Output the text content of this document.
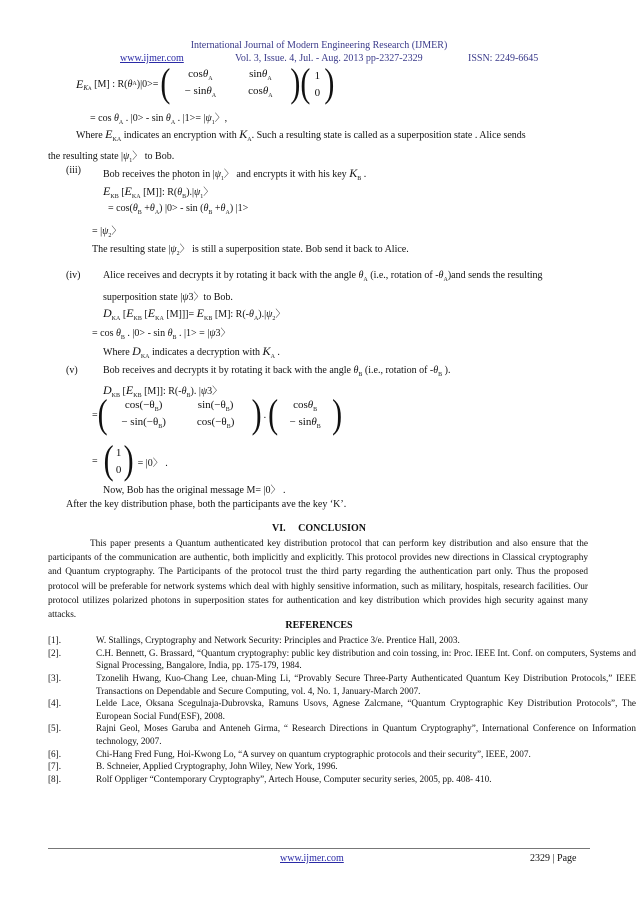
International Journal of Modern Engineering Research (IJMER)
www.ijmer.com	Vol. 3, Issue. 4, Jul. - Aug. 2013 pp-2327-2329	ISSN: 2249-6645
E KA
[M] : R( θ A )|0>= (	cosθ$_A$	sinθ$_A$
− sinθ$_A$	cosθ$_A$ ) ( 1
0 )
= $\cos \theta_A$ . $|0> - \sin \theta_A$ . $|1>= |\psi_1$〉,
Where $E_{KA}$ indicates an encryption with $K_A$. Such a resulting state is called as a superposition state . Alice sends
the resulting state $|\psi_1$〉 to Bob.
(iii) Bob receives the photon in $|\psi_1$〉 and encrypts it with his key $K_B$ .
$E_{KB}$ [$E_{KA}$ [M]]: $R(\theta_B).|\psi_1$〉
= $\cos(\theta_B +\theta_A)$ $|0> - \sin (\theta_B +\theta_A)$ |1>
= $|\psi_2$〉
The resulting state $|\psi_2$〉 is still a superposition state. Bob send it back to Alice.
(iv) Alice receives and decrypts it by rotating it back with the angle $\theta_A$ (i.e., rotation of $-\theta_A)and$ sends the resulting
superposition state |ψ3〉to Bob.
$D_{KA}$ [$E_{KB}$ [$E_{KA}$ $[M]]]= E_{KB}$ [M]: $R(-\theta_A).|\psi_2$〉
= $\cos \theta_B$ . $|0> - \sin \theta_B$ . |1> = |ψ3〉
Where $D_{KA}$ indicates a decryption with $K_A$ .
(v)	Bob receives and decrypts it by rotating it back with the angle $\theta_B$ (i.e., rotation of $-\theta_B$ ).
$D_{KB}$ [$E_{KB}$ [M]]: $R(-\theta_B)$. |ψ3〉
= (	$\cos(-\theta_B)$	$\sin(-\theta_B)$
− $\sin(-\theta_B)$	$\cos(-\theta_B)$ ) . (	cosθ$_B$
− sinθ$_B$ )
= ( 1
0 ) = |0〉 .
Now, Bob has the original message M= |0〉 .
After the key distribution phase, both the participants ave the key ‘K’.
VI. CONCLUSION
This paper presents a Quantum authenticated key distribution protocol that can perform key distribution and also ensure that the participants of the communication are authentic, both implicitly and explicitly. This protocol provides new directions in Classical cryptography and Quantum cryptography. The Participants of the protocol trust the third party regarding the authentication part only. Thus the proposed protocol will be preferable for network systems which deal with highly sensitive information, such as military, hospitals, research facilities. Our protocol utilizes polarized photons in superposition states for authentication and key distribution which provides high security against many attacks.
REFERENCES
[1].	W. Stallings, Cryptography and Network Security: Principles and Practice 3/e. Prentice Hall, 2003.
[2].	C.H. Bennett, G. Brassard, “Quantum cryptography: public key distribution and coin tossing, in: Proc. IEEE Int. Conf. on computers, Systems and Signal Processing, Bangalore, India, pp. 175-179, 1984.
[3].	Tzonelih Hwang, Kuo-Chang Lee, chuan-Ming Li, “Provably Secure Three-Party Authenticated Quantum Key Distribution Protocols,” IEEE Transactions on Dependable and Secure Computing, vol. 4, No. 1, January-March 2007.
[4].	Lelde Lace, Oksana Scegulnaja-Dubrovska, Ramuns Usovs, Agnese Zalcmane, “Quantum Cryptographic Key Distribution Protocols”, The European Social Fund(ESF), 2008.
[5].	Rajni Geol, Moses Garuba and Anteneh Girma, “ Research Directions in Quantum Cryptography”, International Conference on Information technology, 2007.
[6].	Chi-Hang Fred Fung, Hoi-Kwong Lo, “A survey on quantum cryptographic protocols and their security”, IEEE, 2007.
[7].	B. Schneier, Applied Cryptography, John Wiley, New York, 1996.
[8].	Rolf Oppliger “Contemporary Cryptography”, Artech House, Computer security series, 2005, pp. 408- 410.
www.ijmer.com	2329 | Page
